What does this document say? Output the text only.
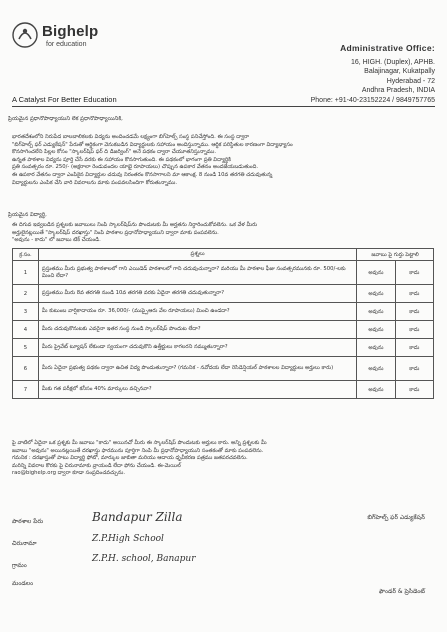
Bighelp
for education
A Catalyst For Better Education
Administrative Office:
16, HIGH. (Duplex), APHB.
Balajinagar, Kukatpally
Hyderabad - 72
Andhra Pradesh, INDIA
Phone: +91-40-23152224 / 9849757765
ప్రియమైన ప్రధానోపాధ్యాయుని లేక ప్రధానోపాధ్యాయినికి,
భారతదేశంలోని నిరుపేద బాలబాలికలకు విద్యను అందించడమే లక్ష్యంగా బిగ్‌హెల్ప్ సంస్థ పనిచేస్తోంది. ఈ సంస్థ ద్వారా
"బిగ్‌హెల్ప్ ఫర్ ఎడ్యుకేషన్" పేరుతో ఆర్థికంగా వెనుకబడిన విద్యార్థులకు సహాయం అందిస్తున్నాము. ఆర్థిక పరిస్థితుల కారణంగా విద్యాభ్యాసం
కొనసాగించలేని పిల్లల కోసం "స్కాలర్‌షిప్ ఫర్ ది డిజర్వింగ్" అనే పథకం ద్వారా చేయూతనిస్తున్నాము.
ఉన్నత పాఠశాల విద్యను పూర్తి చేసే వరకు ఈ సహాయం కొనసాగుతుంది. ఈ పథకంలో భాగంగా ప్రతి విద్యార్థికి
ప్రతి సంవత్సరం రూ. 250/- (అక్షరాలా రెండువందల యాభై రూపాయలు) చొప్పున ఉపకార వేతనం అందజేయబడుతుంది.
ఈ ఉపకార వేతనం ద్వారా ఎంపికైన విద్యార్థుల చదువు నిరంతరం కొనసాగాలని మా ఆకాంక్ష. 8 నుండి 10వ తరగతి చదువుతున్న
విద్యార్థులను ఎంపిక చేసి వారి వివరాలను మాకు పంపవలసిందిగా కోరుతున్నాము.
ప్రియమైన విద్యార్థి,
ఈ దిగువ ఇవ్వబడిన ప్రశ్నలకు జవాబులు నింపి స్కాలర్‌షిప్‌ను పొందుటకు మీ అర్హతను నిర్ధారించుకోవలెను. ఒక వేళ మీరు
అర్హులైనట్లయితే "స్కాలర్‌షిప్ దరఖాస్తు" నింపి పాఠశాల ప్రధానోపాధ్యాయుని ద్వారా మాకు పంపవలెను.
"అవును - కాదు" లో జవాబు టిక్ చేయండి.
క్ర.సం.	ప్రశ్నలు	జవాబు పై గుర్తు పెట్టాలి	
1	ప్రస్తుతము మీరు ప్రభుత్వ పాఠశాలలో గాని ఎయిడెడ్ పాఠశాలలో గాని చదువుచున్నారా? మరియు మీ పాఠశాల ఫీజు సంవత్సరమునకు రూ. 500/-లకు మించి లేదా?	అవును	కాదు
2	ప్రస్తుతము మీరు 8వ తరగతి నుండి 10వ తరగతి వరకు ఏదైనా తరగతి చదువుతున్నారా?	అవును	కాదు
3	మీ కుటుంబ వార్షికాదాయం రూ. 36,000/- (ముప్పైఆరు వేల రూపాయలు) మించి ఉండదా?	అవును	కాదు
4	మీరు చదువుకొనుటకు ఎవరైనా ఇతర సంస్థ నుండి స్కాలర్‌షిప్ పొందుట లేదా?	అవును	కాదు
5	మీరు ప్రైవేట్ ట్యూషన్ లేకుండా స్వయంగా చదువుకొని ఉత్తీర్ణులు కాగలరని నమ్ముతున్నారా?	అవును	కాదు
6	మీరు ఏదైనా ప్రభుత్వ పథకం ద్వారా ఉచిత విద్య పొందుతున్నారా? (గమనిక - నవోదయ లేదా రెసిడెన్షియల్ పాఠశాలల విద్యార్థులు అర్హులు కారు)	అవును	కాదు
7	మీకు గత పరీక్షలో కనీసం 40% మార్కులు వచ్చినవా?	అవును	కాదు
పై వాటిలో ఏదైనా ఒక ప్రశ్నకు మీ జవాబు "కాదు" అయినచో మీరు ఈ స్కాలర్‌షిప్ పొందుటకు అర్హులు కారు. అన్ని ప్రశ్నలకు మీ
జవాబు "అవును" అయినట్లయితే దరఖాస్తు ఫారమును పూర్తిగా నింపి మీ ప్రధానోపాధ్యాయుని సంతకంతో మాకు పంపవలెను.
గమనిక : దరఖాస్తుతో పాటు విద్యార్థి ఫోటో, మార్కుల జాబితా మరియు ఆదాయ ధృవీకరణ పత్రము జతపరచవలెను.
మరిన్ని వివరాల కొరకు పై చిరునామాకు వ్రాయండి లేదా ఫోను చేయండి. ఈ-మెయిల్
rao@bighelp.org ద్వారా కూడా సంప్రదించవచ్చును.
పాఠశాల పేరు	Bandapur Zilla
చిరునామా	Z.P.High School
గ్రామం
Z.P.H. school, Banapur
మండలం
బిగ్‌హెల్ప్ ఫర్ ఎడ్యుకేషన్
ఫౌండర్ & ప్రెసిడెంట్
